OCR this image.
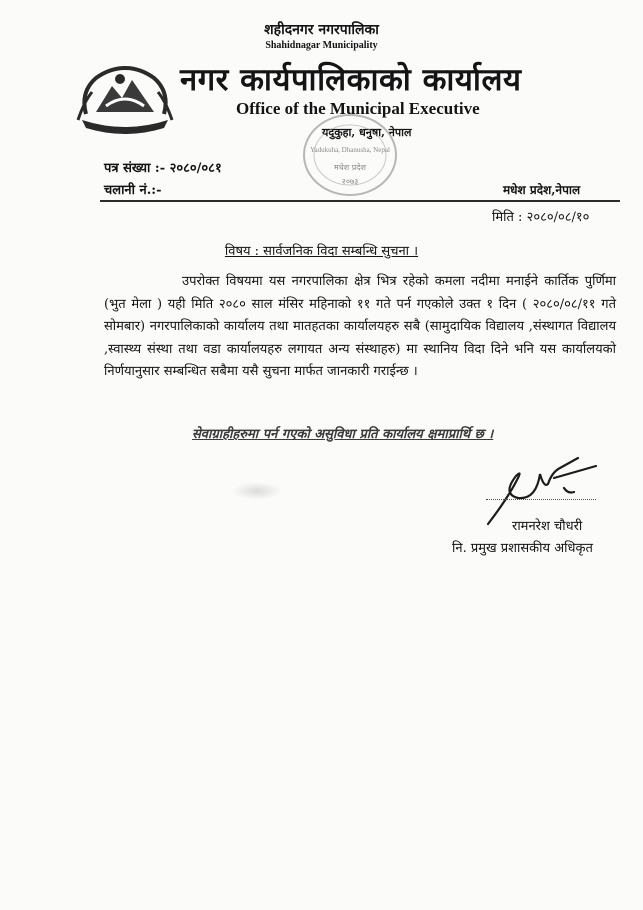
शहीदनगर नगरपालिका
Shahidnagar Municipality
नगर कार्यपालिकाको कार्यालय
Office of the Municipal Executive
यदुकुहा, धनुषा, नेपाल
Yadukuha, Dhanusha, Nepal
मधेश प्रदेश
२०७३
पत्र संख्या :- २०८०/०८१
चलानी नं.:-	मधेश प्रदेश,नेपाल
मिति : २०८०/०८/१०
विषय : सार्वजनिक विदा सम्बन्धि सुचना ।
उपरोक्त विषयमा यस नगरपालिका क्षेत्र भित्र रहेको कमला नदीमा मनाईने कार्तिक पुर्णिमा (भुत मेला ) यही मिति २०८० साल मंसिर महिनाको ११ गते पर्न गएकोले उक्त १ दिन ( २०८०/०८/११ गते सोमबार) नगरपालिकाको कार्यालय तथा मातहतका कार्यालयहरु सबै (सामुदायिक विद्यालय ,संस्थागत विद्यालय ,स्वास्थ्य संस्था तथा वडा कार्यालयहरु लगायत अन्य संस्थाहरु) मा स्थानिय विदा दिने भनि यस कार्यालयको निर्णयानुसार सम्बन्धित सबैमा यसै सुचना मार्फत जानकारी गराईन्छ ।
सेवाग्राहीहरुमा पर्न गएको असुविधा प्रति कार्यालय क्षमाप्रार्थि छ ।
रामनरेश चौधरी
नि. प्रमुख प्रशासकीय अधिकृत
